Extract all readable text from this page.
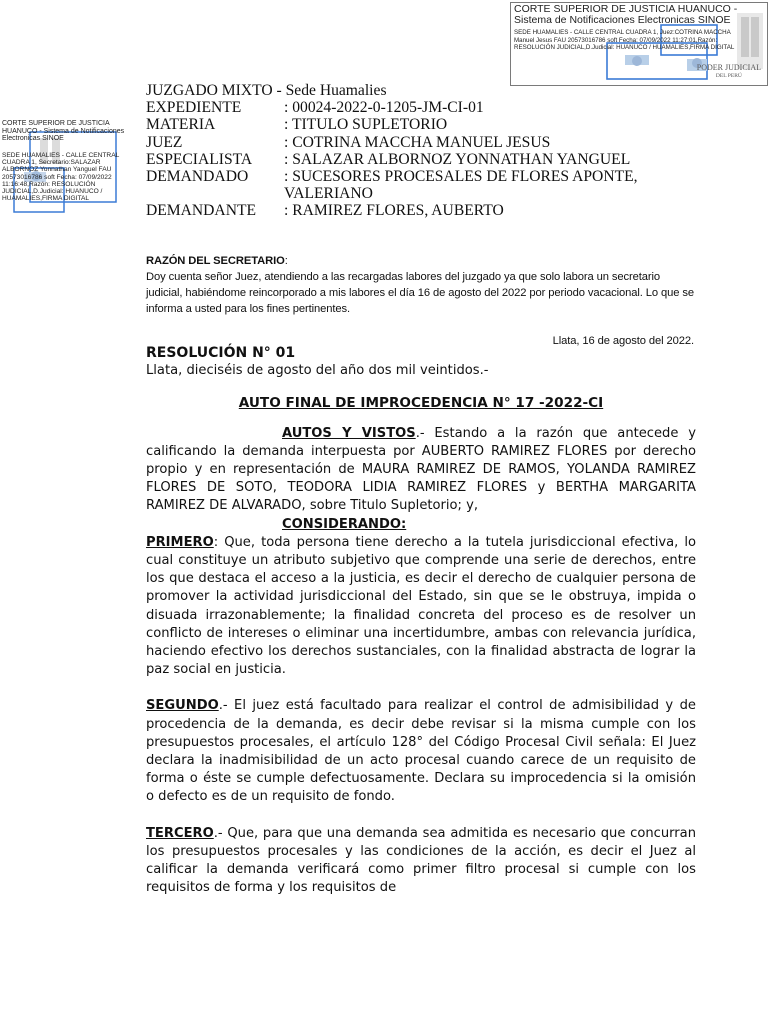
CORTE SUPERIOR DE JUSTICIA HUANUCO -
Sistema de Notificaciones Electronicas SINOE
SEDE HUAMALIES - CALLE CENTRAL CUADRA 1, Juez:COTRINA MACCHA Manuel Jesus FAU 20573016786 soft Fecha: 07/09/2022 11:27:01,Razón: RESOLUCIÓN JUDICIAL,D.Judicial: HUANUCO / HUAMALIES,FIRMA DIGITAL
PODER JUDICIAL
DEL PERÚ
CORTE SUPERIOR DE JUSTICIA HUANUCO - Sistema de Notificaciones Electronicas SINOE
SEDE HUAMALIES - CALLE CENTRAL CUADRA 1, Secretario:SALAZAR ALBORNOZ Yonnathan Yanguel FAU 20573016786 soft Fecha: 07/09/2022 11:16:48,Razón: RESOLUCIÓN JUDICIAL,D.Judicial: HUANUCO / HUAMALIES,FIRMA DIGITAL
JUZGADO MIXTO - Sede Huamalies
EXPEDIENTE	: 00024-2022-0-1205-JM-CI-01
MATERIA	: TITULO SUPLETORIO
JUEZ	: COTRINA MACCHA MANUEL JESUS
ESPECIALISTA	: SALAZAR ALBORNOZ YONNATHAN YANGUEL
DEMANDADO	: SUCESORES PROCESALES DE FLORES APONTE,
VALERIANO
DEMANDANTE	: RAMIREZ FLORES, AUBERTO
RAZÓN DEL SECRETARIO:
Doy cuenta señor Juez, atendiendo a las recargadas labores del juzgado ya que solo labora un secretario judicial, habiéndome reincorporado a mis labores el día 16 de agosto del 2022 por periodo vacacional. Lo que se informa a usted para los fines pertinentes.
Llata, 16 de agosto del 2022.
RESOLUCIÓN N° 01
Llata, dieciséis de agosto del año dos mil veintidos.-
AUTO FINAL DE IMPROCEDENCIA N° 17 -2022-CI
AUTOS Y VISTOS.- Estando a la razón que antecede y calificando la demanda interpuesta por AUBERTO RAMIREZ FLORES por derecho propio y en representación de MAURA RAMIREZ DE RAMOS, YOLANDA RAMIREZ FLORES DE SOTO, TEODORA LIDIA RAMIREZ FLORES y BERTHA MARGARITA RAMIREZ DE ALVARADO, sobre Titulo Supletorio; y,
CONSIDERANDO:
PRIMERO: Que, toda persona tiene derecho a la tutela jurisdiccional efectiva, lo cual constituye un atributo subjetivo que comprende una serie de derechos, entre los que destaca el acceso a la justicia, es decir el derecho de cualquier persona de promover la actividad jurisdiccional del Estado, sin que se le obstruya, impida o disuada irrazonablemente; la finalidad concreta del proceso es de resolver un conflicto de intereses o eliminar una incertidumbre, ambas con relevancia jurídica, haciendo efectivo los derechos sustanciales, con la finalidad abstracta de lograr la paz social en justicia.
SEGUNDO.- El juez está facultado para realizar el control de admisibilidad y de procedencia de la demanda, es decir debe revisar si la misma cumple con los presupuestos procesales, el artículo 128° del Código Procesal Civil señala: El Juez declara la inadmisibilidad de un acto procesal cuando carece de un requisito de forma o éste se cumple defectuosamente. Declara su improcedencia si la omisión o defecto es de un requisito de fondo.
TERCERO.- Que, para que una demanda sea admitida es necesario que concurran los presupuestos procesales y las condiciones de la acción, es decir el Juez al calificar la demanda verificará como primer filtro procesal si cumple con los requisitos de forma y los requisitos de
